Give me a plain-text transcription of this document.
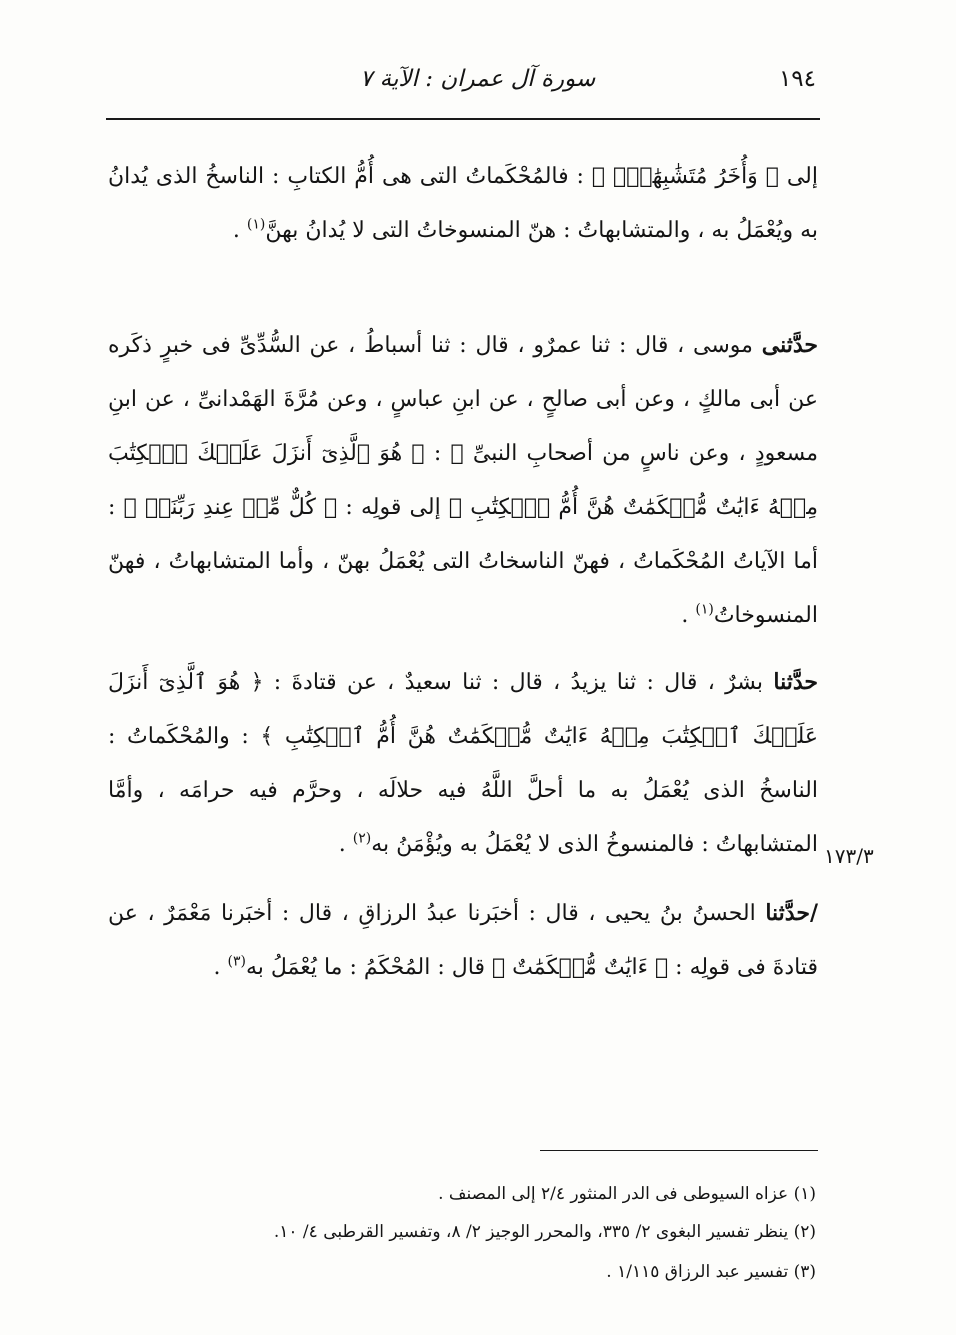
١٩٤
سورة آل عمران : الآية ٧

إلى ﴿ وَأُخَرُ مُتَشَٰبِهَٰتٌۖ ﴾ : فالمُحْكَماتُ التى هى أُمُّ الكتابِ : الناسخُ الذى يُدانُ به ويُعْمَلُ به ، والمتشابهاتُ : هنّ المنسوخاتُ التى لا يُدانُ بهنَّ$^{(١)}$ .

حدَّثنى موسى ، قال : ثنا عمرٌو ، قال : ثنا أسباطُ ، عن السُّدِّىِّ فى خبرٍ ذكَره عن أبى مالكٍ ، وعن أبى صالحٍ ، عن ابنِ عباسٍ ، وعن مُرَّةَ الهَمْدانىِّ ، عن ابنِ مسعودٍ ، وعن ناسٍ من أصحابِ النبىِّ ﷺ : ﴿ هُوَ ٱلَّذِىٓ أَنزَلَ عَلَيۡكَ ٱلۡكِتَٰبَ مِنۡهُ ءَايَٰتٌ مُّحۡكَمَٰتٌ هُنَّ أُمُّ ٱلۡكِتَٰبِ ﴾ إلى قولِه : ﴿ كُلٌّ مِّنۡ عِندِ رَبِّنَاۗ ﴾ : أما الآياتُ المُحْكَماتُ ، فهنّ الناسخاتُ التى يُعْمَلُ بهنّ ، وأما المتشابهاتُ ، فهنّ المنسوخاتُ$^{(١)}$ .

حدَّثنا بشرٌ ، قال : ثنا يزيدُ ، قال : ثنا سعيدٌ ، عن قتادةَ : ﴿ هُوَ ٱلَّذِىٓ أَنزَلَ عَلَيۡكَ ٱلۡكِتَٰبَ مِنۡهُ ءَايَٰتٌ مُّحۡكَمَٰتٌ هُنَّ أُمُّ ٱلۡكِتَٰبِ ﴾ : والمُحْكَماتُ : الناسخُ الذى يُعْمَلُ به ما أحلَّ اللَّهُ فيه حلالَه ، وحرَّم فيه حرامَه ، وأمَّا المتشابهاتُ : فالمنسوخُ الذى لا يُعْمَلُ به ويُؤْمَنُ به$^{(٢)}$ .	١٧٣/٣

/حدَّثنا الحسنُ بنُ يحيى ، قال : أخبَرنا عبدُ الرزاقِ ، قال : أخبَرنا مَعْمَرٌ ، عن قتادةَ فى قولِه : ﴿ ءَايَٰتٌ مُّحۡكَمَٰتٌ ﴾ قال : المُحْكَمُ : ما يُعْمَلُ به$^{(٣)}$ .

(١) عزاه السيوطى فى الدر المنثور ٢/٤ إلى المصنف .
(٢) ينظر تفسير البغوى ٢/ ٣٣٥، والمحرر الوجيز ٢/ ٨، وتفسير القرطبى ٤/ ١٠.
(٣) تفسير عبد الرزاق ١/١١٥ .
